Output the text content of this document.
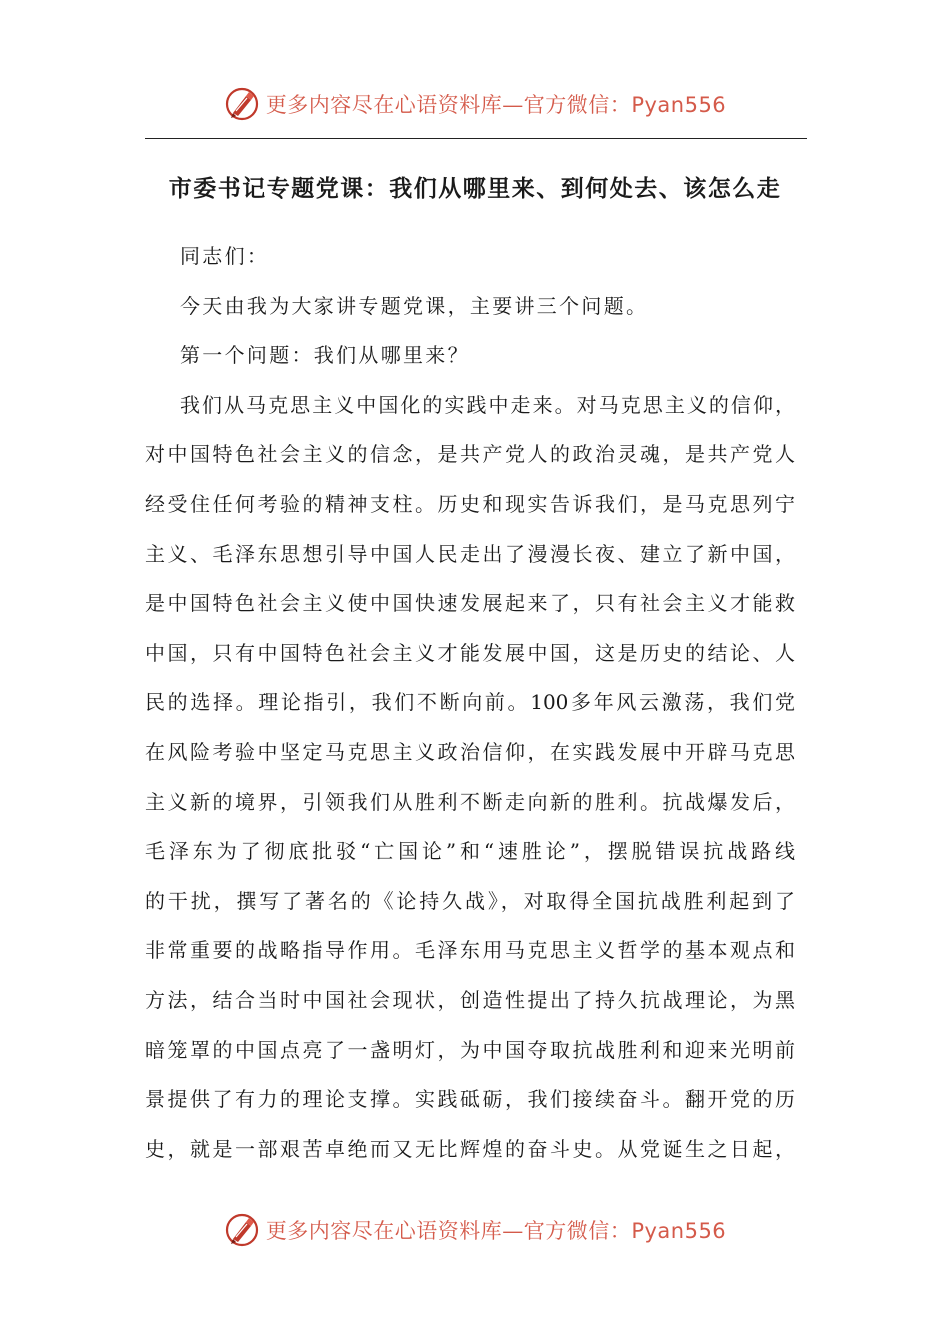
更多内容尽在心语资料库—官方微信：Pyan556
市委书记专题党课：我们从哪里来、到何处去、该怎么走
同志们：
今天由我为大家讲专题党课，主要讲三个问题。
第一个问题：我们从哪里来？
我们从马克思主义中国化的实践中走来。对马克思主义的信仰，
对中国特色社会主义的信念，是共产党人的政治灵魂，是共产党人
经受住任何考验的精神支柱。历史和现实告诉我们，是马克思列宁
主义、毛泽东思想引导中国人民走出了漫漫长夜、建立了新中国，
是中国特色社会主义使中国快速发展起来了，只有社会主义才能救
中国，只有中国特色社会主义才能发展中国，这是历史的结论、人
民的选择。理论指引，我们不断向前。100多年风云激荡，我们党
在风险考验中坚定马克思主义政治信仰，在实践发展中开辟马克思
主义新的境界，引领我们从胜利不断走向新的胜利。抗战爆发后，
毛泽东为了彻底批驳“亡国论”和“速胜论”，摆脱错误抗战路线
的干扰，撰写了著名的《论持久战》，对取得全国抗战胜利起到了
非常重要的战略指导作用。毛泽东用马克思主义哲学的基本观点和
方法，结合当时中国社会现状，创造性提出了持久抗战理论，为黑
暗笼罩的中国点亮了一盏明灯，为中国夺取抗战胜利和迎来光明前
景提供了有力的理论支撑。实践砥砺，我们接续奋斗。翻开党的历
史，就是一部艰苦卓绝而又无比辉煌的奋斗史。从党诞生之日起，
更多内容尽在心语资料库—官方微信：Pyan556
